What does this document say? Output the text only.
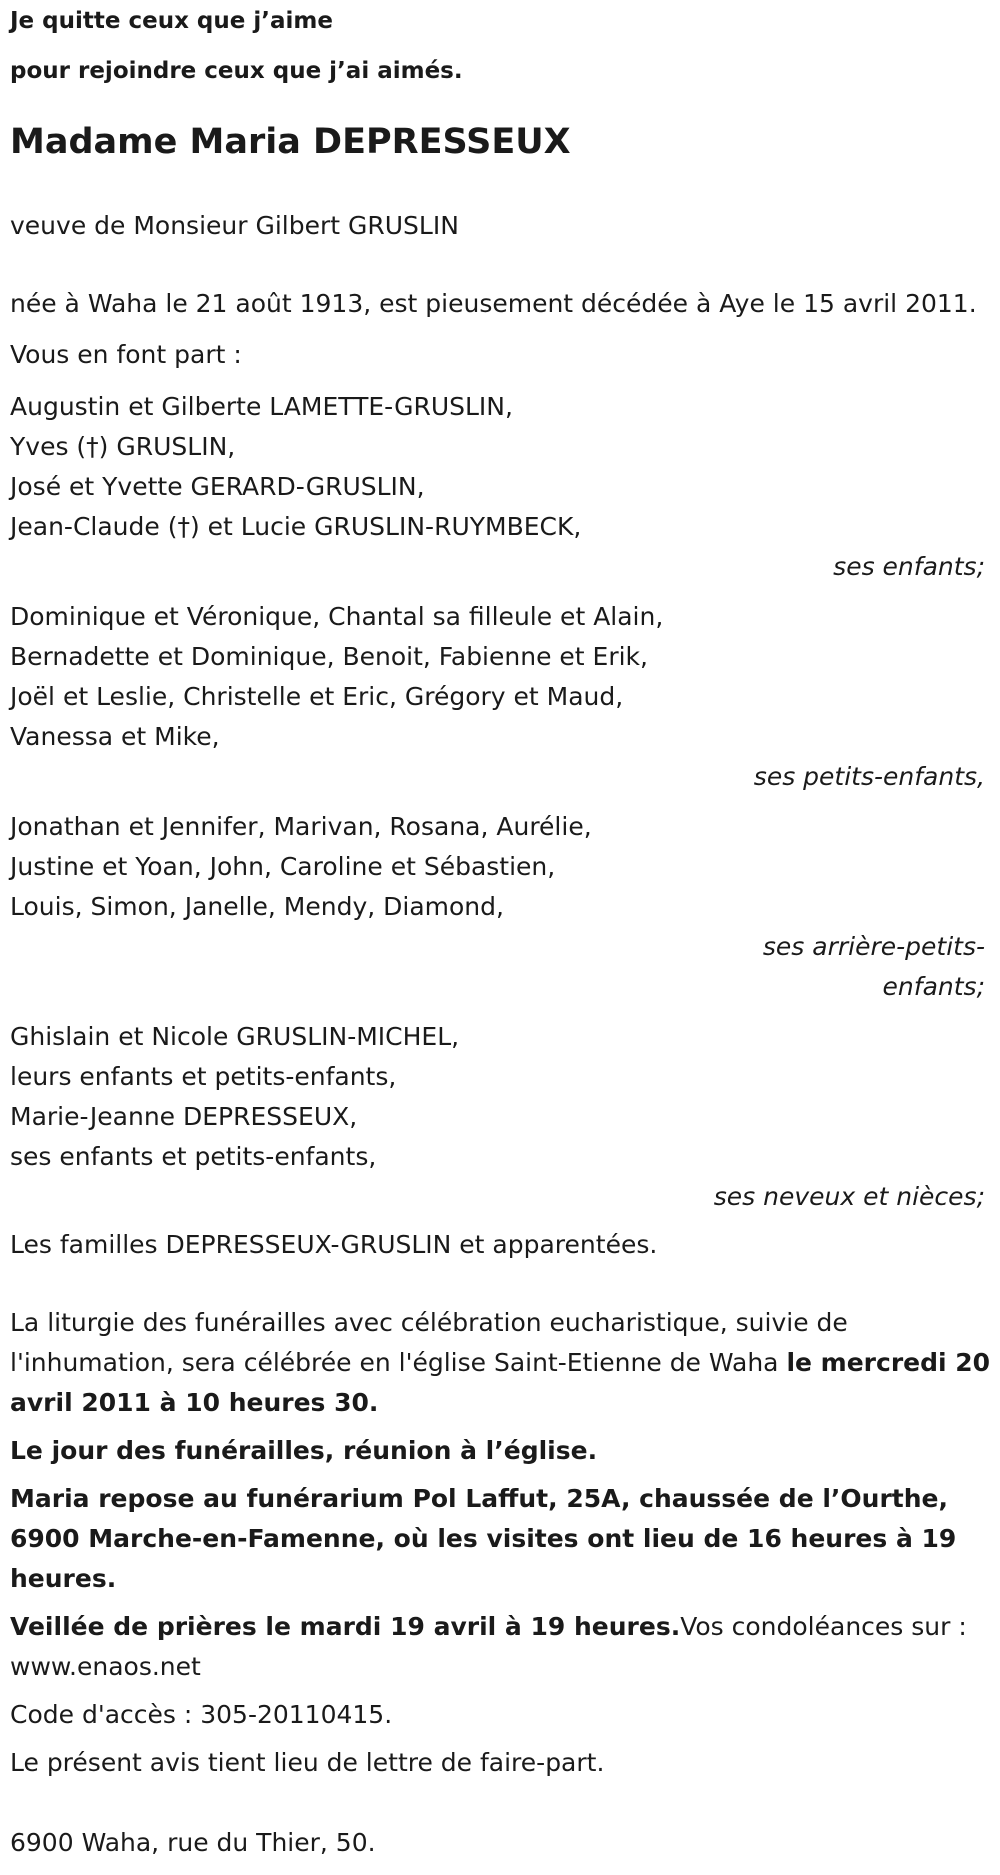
Je quitte ceux que j’aime

pour rejoindre ceux que j’ai aimés.

Madame Maria DEPRESSEUX

veuve de Monsieur Gilbert GRUSLIN

née à Waha le 21 août 1913, est pieusement décédée à Aye le 15 avril 2011.

Vous en font part :

Augustin et Gilberte LAMETTE-GRUSLIN,

Yves (†) GRUSLIN,

José et Yvette GERARD-GRUSLIN,

Jean-Claude (†) et Lucie GRUSLIN-RUYMBECK,

ses enfants;

Dominique et Véronique, Chantal sa filleule et Alain,

Bernadette et Dominique, Benoit, Fabienne et Erik,

Joël et Leslie, Christelle et Eric, Grégory et Maud,

Vanessa et Mike,

ses petits-enfants,

Jonathan et Jennifer, Marivan, Rosana, Aurélie,

Justine et Yoan, John, Caroline et Sébastien,

Louis, Simon, Janelle, Mendy, Diamond,

ses arrière-petits-enfants;

Ghislain et Nicole GRUSLIN-MICHEL,

leurs enfants et petits-enfants,

Marie-Jeanne DEPRESSEUX,

ses enfants et petits-enfants,

ses neveux et nièces;

Les familles DEPRESSEUX-GRUSLIN et apparentées.

La liturgie des funérailles avec célébration eucharistique, suivie de l'inhumation, sera célébrée en l'église Saint-Etienne de Waha le mercredi 20 avril 2011 à 10 heures 30.

Le jour des funérailles, réunion à l’église.

Maria repose au funérarium Pol Laffut, 25A, chaussée de l’Ourthe, 6900 Marche-en-Famenne, où les visites ont lieu de 16 heures à 19 heures.

Veillée de prières le mardi 19 avril à 19 heures.Vos condoléances sur : www.enaos.net

Code d'accès : 305-20110415.

Le présent avis tient lieu de lettre de faire-part.

6900 Waha, rue du Thier, 50.
